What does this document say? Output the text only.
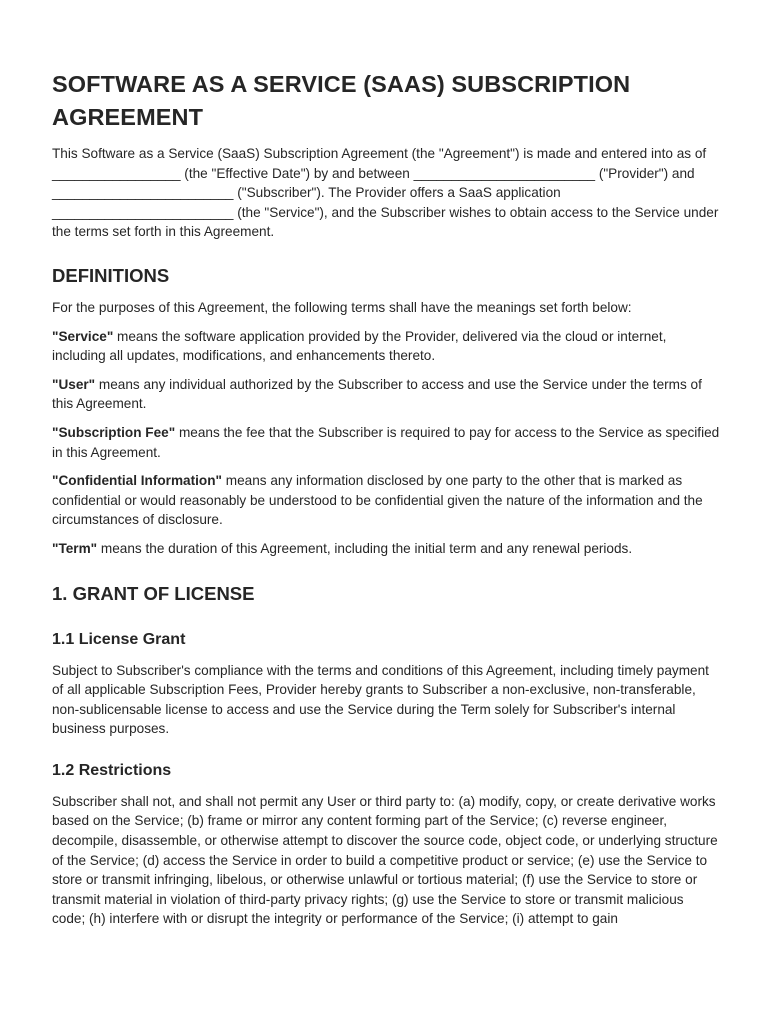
SOFTWARE AS A SERVICE (SAAS) SUBSCRIPTION AGREEMENT

This Software as a Service (SaaS) Subscription Agreement (the "Agreement") is made and entered into as of _________________ (the "Effective Date") by and between ________________________ ("Provider") and ________________________ ("Subscriber"). The Provider offers a SaaS application ________________________ (the "Service"), and the Subscriber wishes to obtain access to the Service under the terms set forth in this Agreement.

DEFINITIONS

For the purposes of this Agreement, the following terms shall have the meanings set forth below:

"Service" means the software application provided by the Provider, delivered via the cloud or internet, including all updates, modifications, and enhancements thereto.

"User" means any individual authorized by the Subscriber to access and use the Service under the terms of this Agreement.

"Subscription Fee" means the fee that the Subscriber is required to pay for access to the Service as specified in this Agreement.

"Confidential Information" means any information disclosed by one party to the other that is marked as confidential or would reasonably be understood to be confidential given the nature of the information and the circumstances of disclosure.

"Term" means the duration of this Agreement, including the initial term and any renewal periods.

1. GRANT OF LICENSE
1.1 License Grant

Subject to Subscriber's compliance with the terms and conditions of this Agreement, including timely payment of all applicable Subscription Fees, Provider hereby grants to Subscriber a non-exclusive, non-transferable, non-sublicensable license to access and use the Service during the Term solely for Subscriber's internal business purposes.

1.2 Restrictions

Subscriber shall not, and shall not permit any User or third party to: (a) modify, copy, or create derivative works based on the Service; (b) frame or mirror any content forming part of the Service; (c) reverse engineer, decompile, disassemble, or otherwise attempt to discover the source code, object code, or underlying structure of the Service; (d) access the Service in order to build a competitive product or service; (e) use the Service to store or transmit infringing, libelous, or otherwise unlawful or tortious material; (f) use the Service to store or transmit material in violation of third-party privacy rights; (g) use the Service to store or transmit malicious code; (h) interfere with or disrupt the integrity or performance of the Service; (i) attempt to gain
